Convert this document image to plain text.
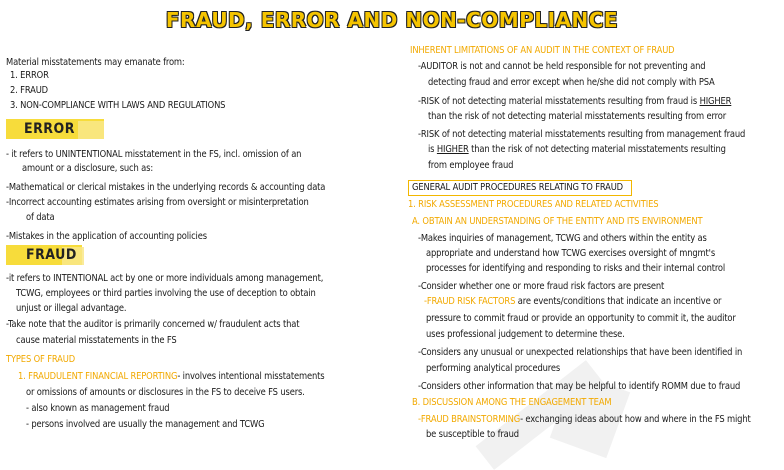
FRAUD, ERROR AND NON-COMPLIANCE
Material misstatements may emanate from:
1. ERROR
2. FRAUD
3. NON-COMPLIANCE WITH LAWS AND REGULATIONS
ERROR
- it refers to UNINTENTIONAL misstatement in the FS, incl. omission of an
amount or a disclosure, such as:
-Mathematical or clerical mistakes in the underlying records & accounting data
-Incorrect accounting estimates arising from oversight or misinterpretation
of data
-Mistakes in the application of accounting policies
FRAUD
-it refers to INTENTIONAL act by one or more individuals among management,
TCWG, employees or third parties involving the use of deception to obtain
unjust or illegal advantage.
-Take note that the auditor is primarily concerned w/ fraudulent acts that
cause material misstatements in the FS
TYPES OF FRAUD
1. FRAUDULENT FINANCIAL REPORTING- involves intentional misstatements
or omissions of amounts or disclosures in the FS to deceive FS users.
- also known as management fraud
- persons involved are usually the management and TCWG
INHERENT LIMITATIONS OF AN AUDIT IN THE CONTEXT OF FRAUD
-AUDITOR is not and cannot be held responsible for not preventing and
detecting fraud and error except when he/she did not comply with PSA
-RISK of not detecting material misstatements resulting from fraud is HIGHER
than the risk of not detecting material misstatements resulting from error
-RISK of not detecting material misstatements resulting from management fraud
is HIGHER than the risk of not detecting material misstatements resulting
from employee fraud
GENERAL AUDIT PROCEDURES RELATING TO FRAUD
1. RISK ASSESSMENT PROCEDURES AND RELATED ACTIVITIES
A. OBTAIN AN UNDERSTANDING OF THE ENTITY AND ITS ENVIRONMENT
-Makes inquiries of management, TCWG and others within the entity as
appropriate and understand how TCWG exercises oversight of mngmt's
processes for identifying and responding to risks and their internal control
-Consider whether one or more fraud risk factors are present
-FRAUD RISK FACTORS are events/conditions that indicate an incentive or
pressure to commit fraud or provide an opportunity to commit it, the auditor
uses professional judgement to determine these.
-Considers any unusual or unexpected relationships that have been identified in
performing analytical procedures
-Considers other information that may be helpful to identify ROMM due to fraud
B. DISCUSSION AMONG THE ENGAGEMENT TEAM
-FRAUD BRAINSTORMING- exchanging ideas about how and where in the FS might
be susceptible to fraud
